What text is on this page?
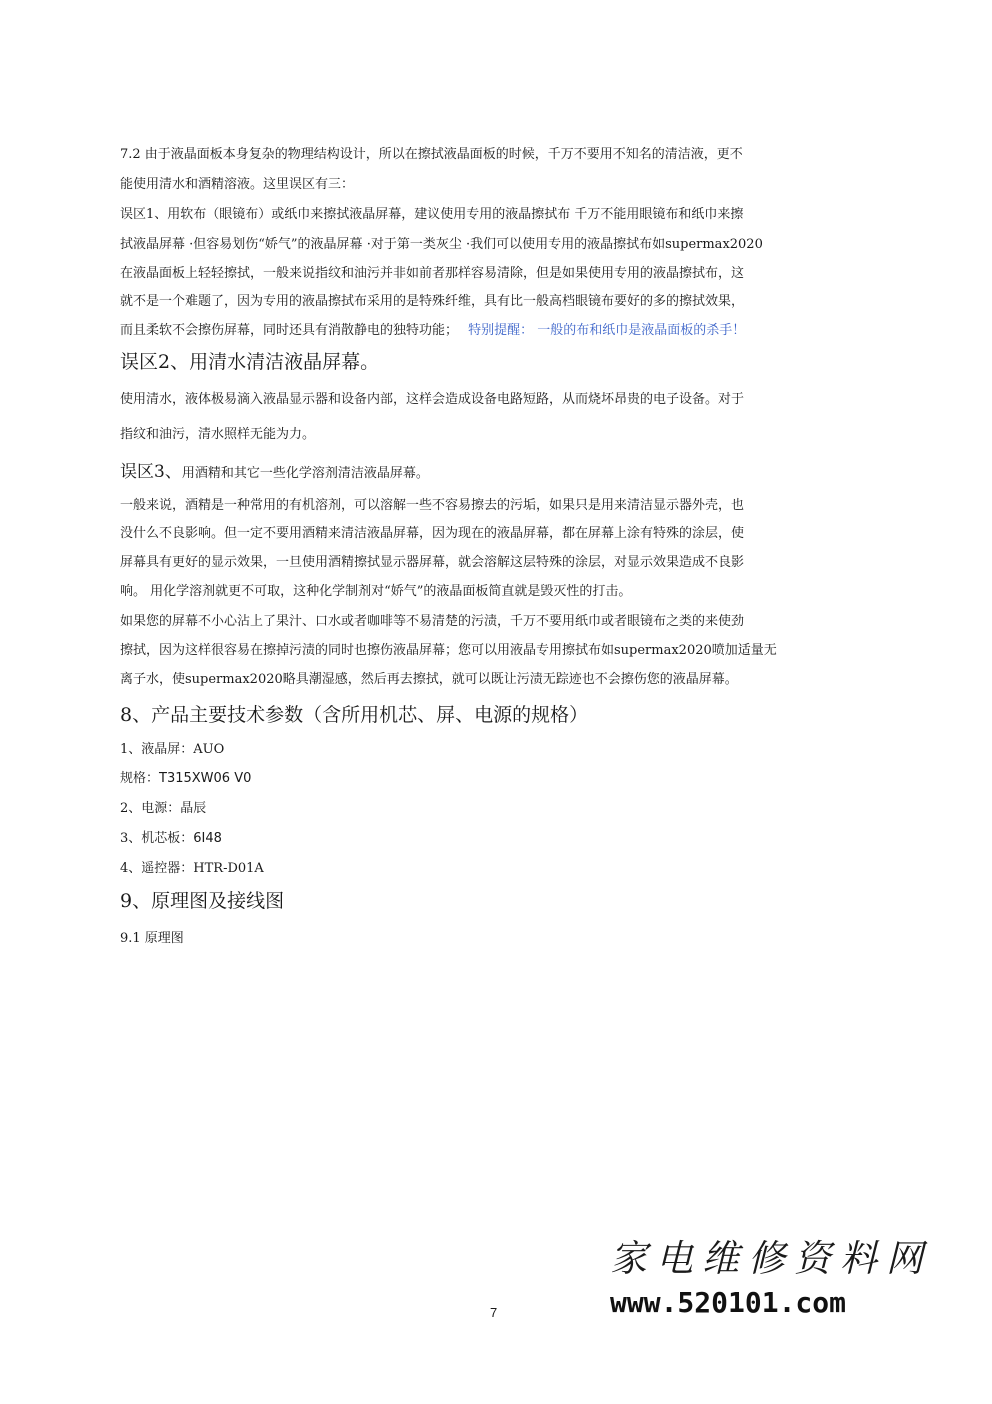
7.2 由于液晶面板本身复杂的物理结构设计，所以在擦拭液晶面板的时候，千万不要用不知名的清洁液，更不
能使用清水和酒精溶液。这里误区有三：
误区1、用软布（眼镜布）或纸巾来擦拭液晶屏幕，建议使用专用的液晶擦拭布 千万不能用眼镜布和纸巾来擦
拭液晶屏幕 ·但容易划伤“娇气”的液晶屏幕 ·对于第一类灰尘 ·我们可以使用专用的液晶擦拭布如supermax2020
在液晶面板上轻轻擦拭，一般来说指纹和油污并非如前者那样容易清除，但是如果使用专用的液晶擦拭布，这
就不是一个难题了，因为专用的液晶擦拭布采用的是特殊纤维，具有比一般高档眼镜布要好的多的擦拭效果，
而且柔软不会擦伤屏幕，同时还具有消散静电的独特功能； 特别提醒： 一般的布和纸巾是液晶面板的杀手！
误区2、用清水清洁液晶屏幕。
使用清水，液体极易滴入液晶显示器和设备内部，这样会造成设备电路短路，从而烧坏昂贵的电子设备。对于
指纹和油污，清水照样无能为力。
误区3、用酒精和其它一些化学溶剂清洁液晶屏幕。
一般来说，酒精是一种常用的有机溶剂，可以溶解一些不容易擦去的污垢，如果只是用来清洁显示器外壳，也
没什么不良影响。但一定不要用酒精来清洁液晶屏幕，因为现在的液晶屏幕，都在屏幕上涂有特殊的涂层，使
屏幕具有更好的显示效果，一旦使用酒精擦拭显示器屏幕，就会溶解这层特殊的涂层，对显示效果造成不良影
响。 用化学溶剂就更不可取，这种化学制剂对“娇气”的液晶面板简直就是毁灭性的打击。
如果您的屏幕不小心沾上了果汁、口水或者咖啡等不易清楚的污渍，千万不要用纸巾或者眼镜布之类的来使劲
擦拭，因为这样很容易在擦掉污渍的同时也擦伤液晶屏幕；您可以用液晶专用擦拭布如supermax2020喷加适量无
离子水，使supermax2020略具潮湿感，然后再去擦拭，就可以既让污渍无踪迹也不会擦伤您的液晶屏幕。
8、产品主要技术参数（含所用机芯、屏、电源的规格）
1、液晶屏：AUO
规格：T315XW06 V0
2、电源：晶辰
3、机芯板：6I48
4、遥控器：HTR-D01A
9、原理图及接线图
9.1 原理图
7
家电维修资料网
www.520101.com
